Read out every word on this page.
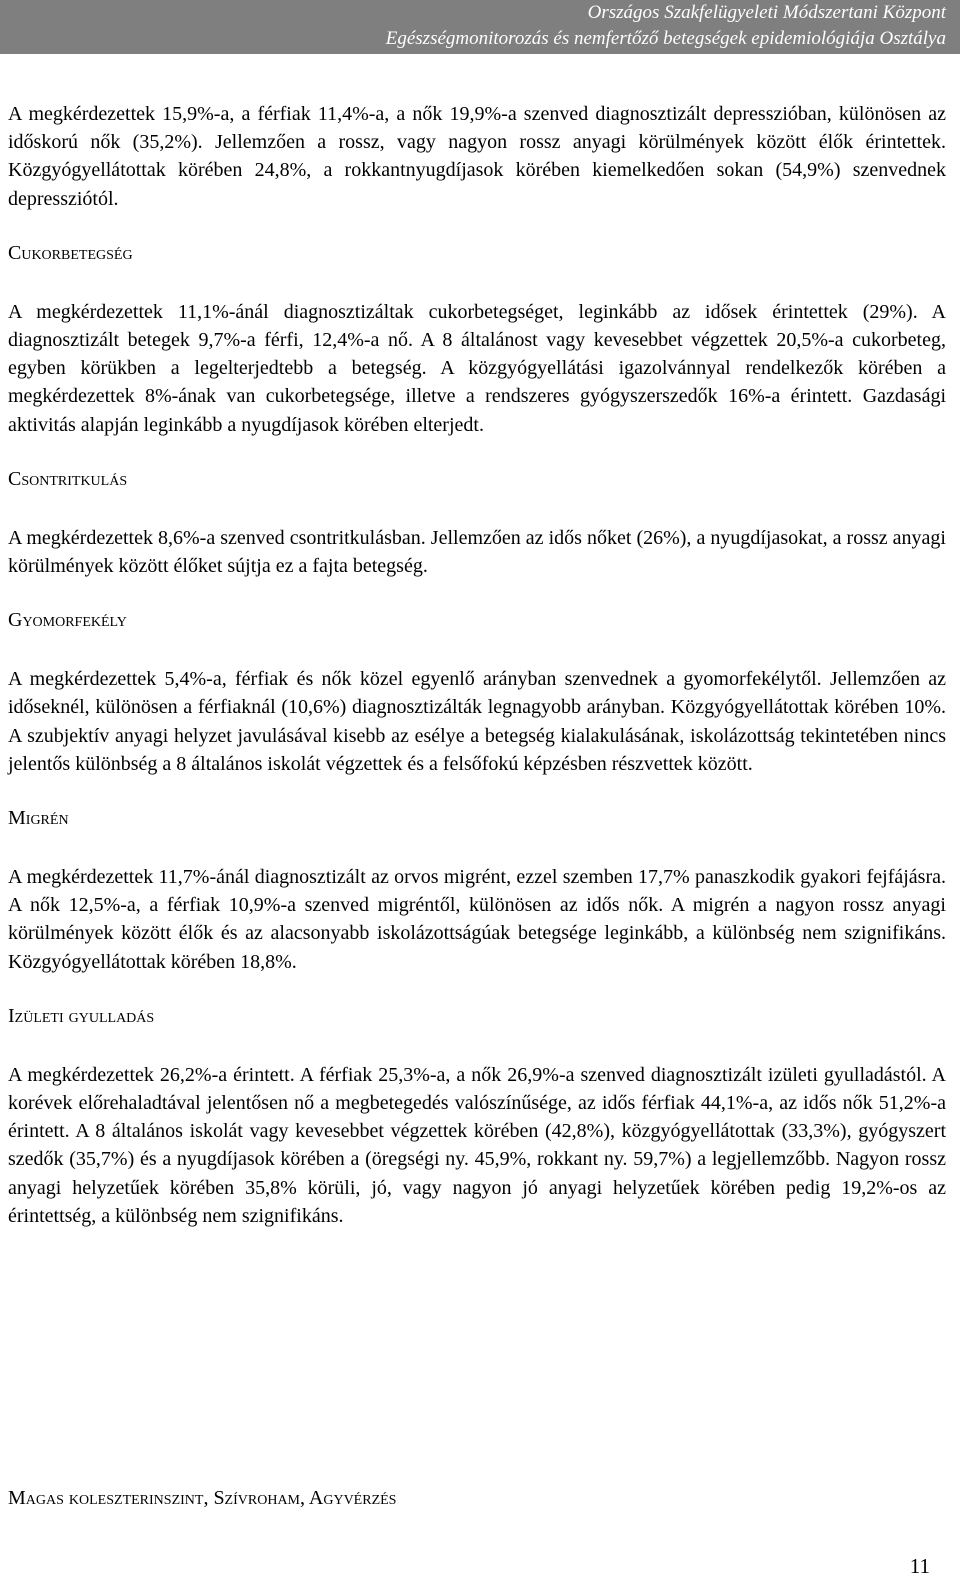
Országos Szakfelügyeleti Módszertani Központ
Egészségmonitorozás és nemfertőző betegségek epidemiológiája Osztálya

A megkérdezettek 15,9%-a, a férfiak 11,4%-a, a nők 19,9%-a szenved diagnosztizált depresszióban, különösen az időskorú nők (35,2%). Jellemzően a rossz, vagy nagyon rossz anyagi körülmények között élők érintettek. Közgyógyellátottak körében 24,8%, a rokkantnyugdíjasok körében kiemelkedően sokan (54,9%) szenvednek depressziótól.

Cukorbetegség

A megkérdezettek 11,1%-ánál diagnosztizáltak cukorbetegséget, leginkább az idősek érintettek (29%). A diagnosztizált betegek 9,7%-a férfi, 12,4%-a nő. A 8 általánost vagy kevesebbet végzettek 20,5%-a cukorbeteg, egyben körükben a legelterjedtebb a betegség. A közgyógyellátási igazolvánnyal rendelkezők körében a megkérdezettek 8%-ának van cukorbetegsége, illetve a rendszeres gyógyszerszedők 16%-a érintett. Gazdasági aktivitás alapján leginkább a nyugdíjasok körében elterjedt.

Csontritkulás

A megkérdezettek 8,6%-a szenved csontritkulásban. Jellemzően az idős nőket (26%), a nyugdíjasokat, a rossz anyagi körülmények között élőket sújtja ez a fajta betegség.

Gyomorfekély

A megkérdezettek 5,4%-a, férfiak és nők közel egyenlő arányban szenvednek a gyomorfekélytől. Jellemzően az időseknél, különösen a férfiaknál (10,6%) diagnosztizálták legnagyobb arányban. Közgyógyellátottak körében 10%. A szubjektív anyagi helyzet javulásával kisebb az esélye a betegség kialakulásának, iskolázottság tekintetében nincs jelentős különbség a 8 általános iskolát végzettek és a felsőfokú képzésben részvettek között.

Migrén

A megkérdezettek 11,7%-ánál diagnosztizált az orvos migrént, ezzel szemben 17,7% panaszkodik gyakori fejfájásra. A nők 12,5%-a, a férfiak 10,9%-a szenved migréntől, különösen az idős nők. A migrén a nagyon rossz anyagi körülmények között élők és az alacsonyabb iskolázottságúak betegsége leginkább, a különbség nem szignifikáns. Közgyógyellátottak körében 18,8%.

Izületi gyulladás

A megkérdezettek 26,2%-a érintett. A férfiak 25,3%-a, a nők 26,9%-a szenved diagnosztizált izületi gyulladástól. A korévek előrehaladtával jelentősen nő a megbetegedés valószínűsége, az idős férfiak 44,1%-a, az idős nők 51,2%-a érintett. A 8 általános iskolát vagy kevesebbet végzettek körében (42,8%), közgyógyellátottak (33,3%), gyógyszert szedők (35,7%) és a nyugdíjasok körében a (öregségi ny. 45,9%, rokkant ny. 59,7%) a legjellemzőbb. Nagyon rossz anyagi helyzetűek körében 35,8% körüli, jó, vagy nagyon jó anyagi helyzetűek körében pedig 19,2%-os az érintettség, a különbség nem szignifikáns.

Magas koleszterinszint, Szívroham, Agyvérzés
11
